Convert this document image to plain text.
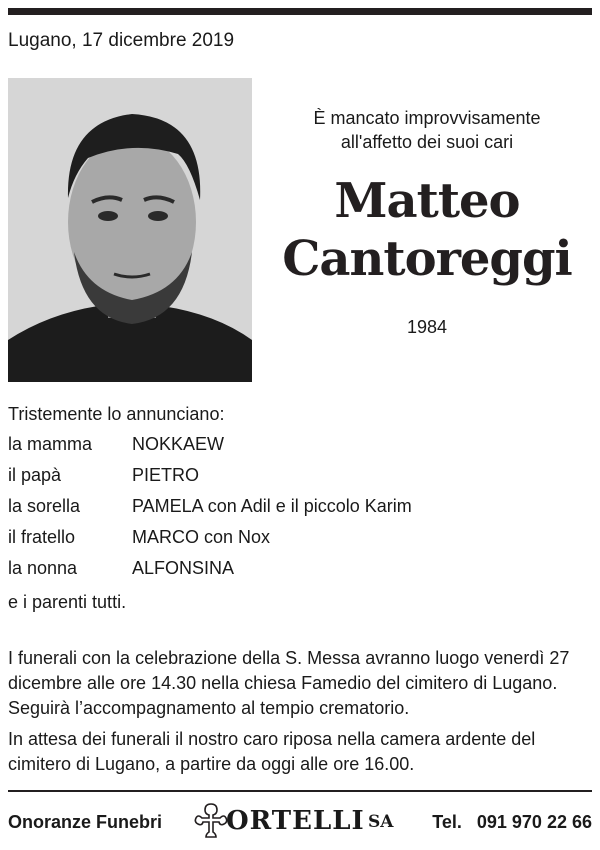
Lugano, 17 dicembre 2019
È mancato improvvisamente
all'affetto dei suoi cari
Matteo
Cantoreggi
1984
Tristemente lo annunciano:
la mamma NOKKAEW
il papà	PIETRO
la sorella	PAMELA con Adil e il piccolo Karim
il fratello	MARCO con Nox
la nonna	ALFONSINA
e i parenti tutti.

I funerali con la celebrazione della S. Messa avranno luogo venerdì 27 dicembre alle ore 14.30 nella chiesa Famedio del cimitero di Lugano. Seguirà l’accompagnamento al tempio crematorio.

In attesa dei funerali il nostro caro riposa nella camera ardente del cimitero di Lugano, a partire da oggi alle ore 16.00.

Onoranze Funebri ORTELLI SA Tel.   091 970 22 66
